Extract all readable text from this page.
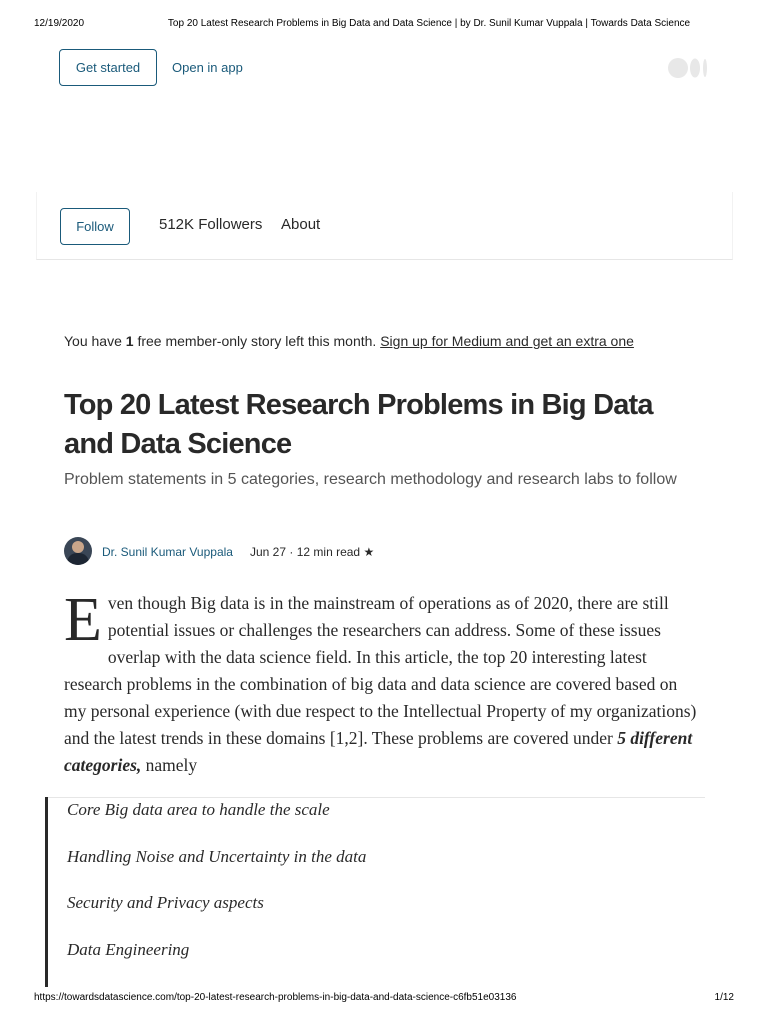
12/19/2020	Top 20 Latest Research Problems in Big Data and Data Science | by Dr. Sunil Kumar Vuppala | Towards Data Science
Get started	Open in app
Follow	512K Followers About
You have 1 free member-only story left this month. Sign up for Medium and get an extra one
Top 20 Latest Research Problems in Big Data and Data Science

Problem statements in 5 categories, research methodology and research labs to follow

Dr. Sunil Kumar Vuppala Jun 27 · 12 min read ★
Even though Big data is in the mainstream of operations as of 2020, there are still potential issues or challenges the researchers can address. Some of these issues overlap with the data science field. In this article, the top 20 interesting latest research problems in the combination of big data and data science are covered based on my personal experience (with due respect to the Intellectual Property of my organizations) and the latest trends in these domains [1,2]. These problems are covered under 5 different categories, namely
Core Big data area to handle the scale
Handling Noise and Uncertainty in the data
Security and Privacy aspects
Data Engineering
https://towardsdatascience.com/top-20-latest-research-problems-in-big-data-and-data-science-c6fb51e03136	1/12
